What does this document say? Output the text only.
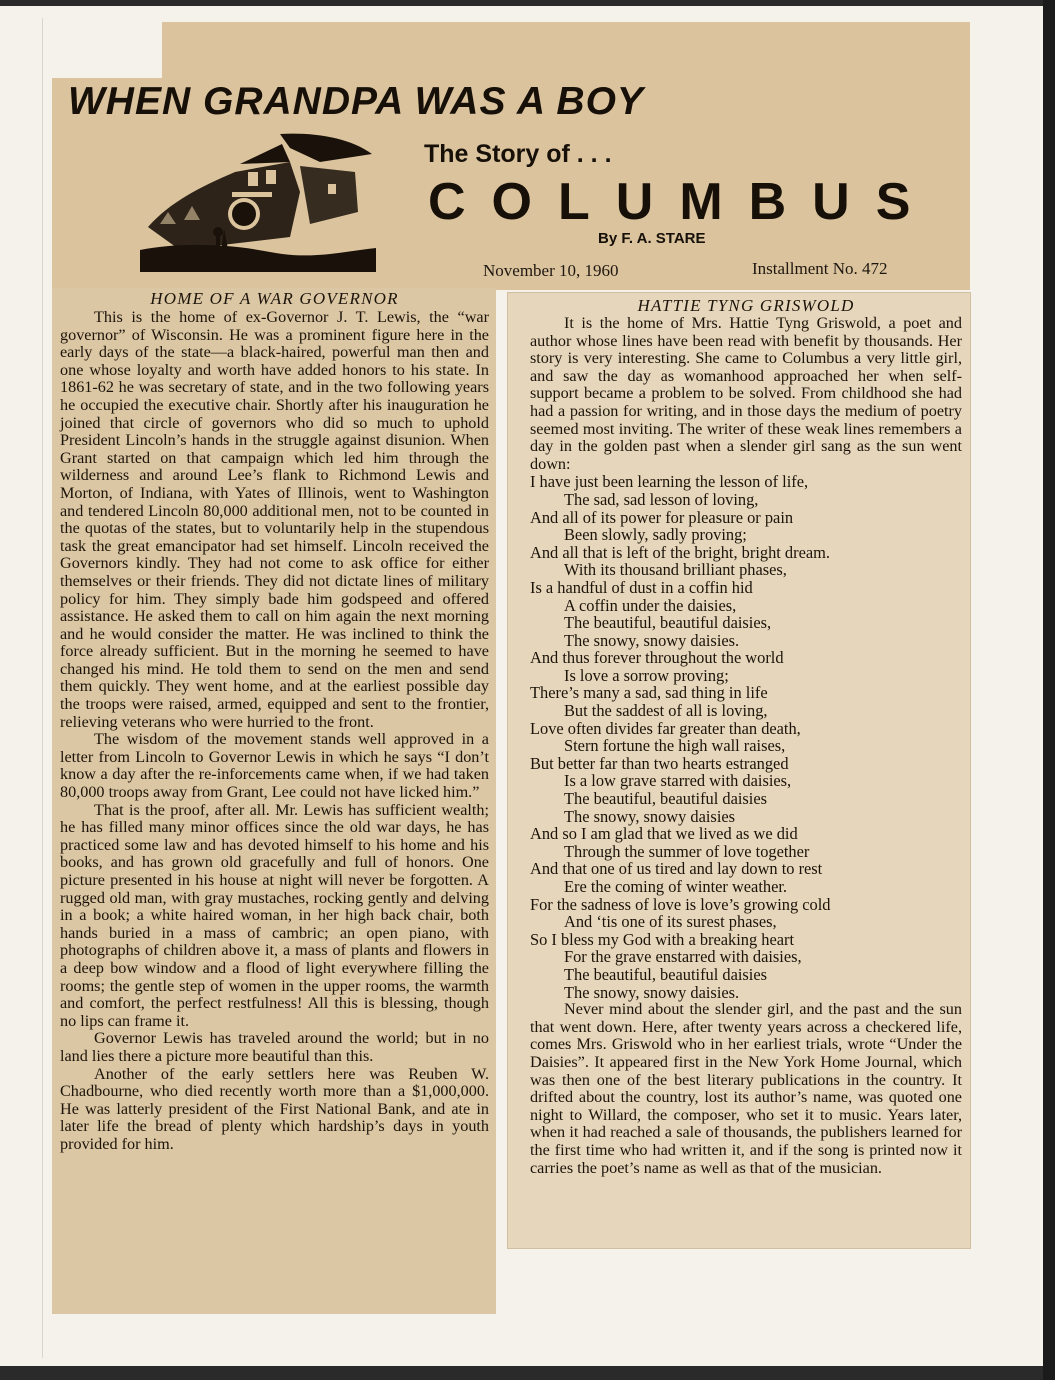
WHEN GRANDPA WAS A BOY
The Story of . . .
COLUMBUS
By F. A. STARE
November 10, 1960	Installment No. 472
HOME OF A WAR GOVERNOR

This is the home of ex-Governor J. T. Lewis, the “war governor” of Wisconsin. He was a prominent figure here in the early days of the state—a black-haired, powerful man then and one whose loyalty and worth have added honors to his state. In 1861-62 he was secretary of state, and in the two following years he occupied the executive chair. Shortly after his inauguration he joined that circle of governors who did so much to uphold President Lincoln’s hands in the struggle against disunion. When Grant started on that campaign which led him through the wilderness and around Lee’s flank to Richmond Lewis and Morton, of Indiana, with Yates of Illinois, went to Washington and tendered Lincoln 80,000 additional men, not to be counted in the quotas of the states, but to voluntarily help in the stupendous task the great emancipator had set himself. Lincoln received the Governors kindly. They had not come to ask office for either themselves or their friends. They did not dictate lines of military policy for him. They simply bade him godspeed and offered assistance. He asked them to call on him again the next morning and he would consider the matter. He was inclined to think the force already sufficient. But in the morning he seemed to have changed his mind. He told them to send on the men and send them quickly. They went home, and at the earliest possible day the troops were raised, armed, equipped and sent to the frontier, relieving veterans who were hurried to the front.

The wisdom of the movement stands well approved in a letter from Lincoln to Governor Lewis in which he says “I don’t know a day after the re-inforcements came when, if we had taken 80,000 troops away from Grant, Lee could not have licked him.”

That is the proof, after all. Mr. Lewis has sufficient wealth; he has filled many minor offices since the old war days, he has practiced some law and has devoted himself to his home and his books, and has grown old gracefully and full of honors. One picture presented in his house at night will never be forgotten. A rugged old man, with gray mustaches, rocking gently and delving in a book; a white haired woman, in her high back chair, both hands buried in a mass of cambric; an open piano, with photographs of children above it, a mass of plants and flowers in a deep bow window and a flood of light everywhere filling the rooms; the gentle step of women in the upper rooms, the warmth and comfort, the perfect restfulness! All this is blessing, though no lips can frame it.

Governor Lewis has traveled around the world; but in no land lies there a picture more beautiful than this.

Another of the early settlers here was Reuben W. Chadbourne, who died recently worth more than a $1,000,000. He was latterly president of the First National Bank, and ate in later life the bread of plenty which hardship’s days in youth provided for him.

HATTIE TYNG GRISWOLD

It is the home of Mrs. Hattie Tyng Griswold, a poet and author whose lines have been read with benefit by thousands. Her story is very interesting. She came to Columbus a very little girl, and saw the day as womanhood approached her when self- support became a problem to be solved. From childhood she had had a passion for writing, and in those days the medium of poetry seemed most inviting. The writer of these weak lines remembers a day in the golden past when a slender girl sang as the sun went down:

I have just been learning the lesson of life,
The sad, sad lesson of loving,
And all of its power for pleasure or pain
Been slowly, sadly proving;
And all that is left of the bright, bright dream.
With its thousand brilliant phases,
Is a handful of dust in a coffin hid
A coffin under the daisies,
The beautiful, beautiful daisies,
The snowy, snowy daisies.
And thus forever throughout the world
Is love a sorrow proving;
There’s many a sad, sad thing in life
But the saddest of all is loving,
Love often divides far greater than death,
Stern fortune the high wall raises,
But better far than two hearts estranged
Is a low grave starred with daisies,
The beautiful, beautiful daisies
The snowy, snowy daisies
And so I am glad that we lived as we did
Through the summer of love together
And that one of us tired and lay down to rest
Ere the coming of winter weather.
For the sadness of love is love’s growing cold
And ‘tis one of its surest phases,
So I bless my God with a breaking heart
For the grave enstarred with daisies,
The beautiful, beautiful daisies
The snowy, snowy daisies.

Never mind about the slender girl, and the past and the sun that went down. Here, after twenty years across a checkered life, comes Mrs. Griswold who in her earliest trials, wrote “Under the Daisies”. It appeared first in the New York Home Journal, which was then one of the best literary publications in the country. It drifted about the country, lost its author’s name, was quoted one night to Willard, the composer, who set it to music. Years later, when it had reached a sale of thousands, the publishers learned for the first time who had written it, and if the song is printed now it carries the poet’s name as well as that of the musician.
